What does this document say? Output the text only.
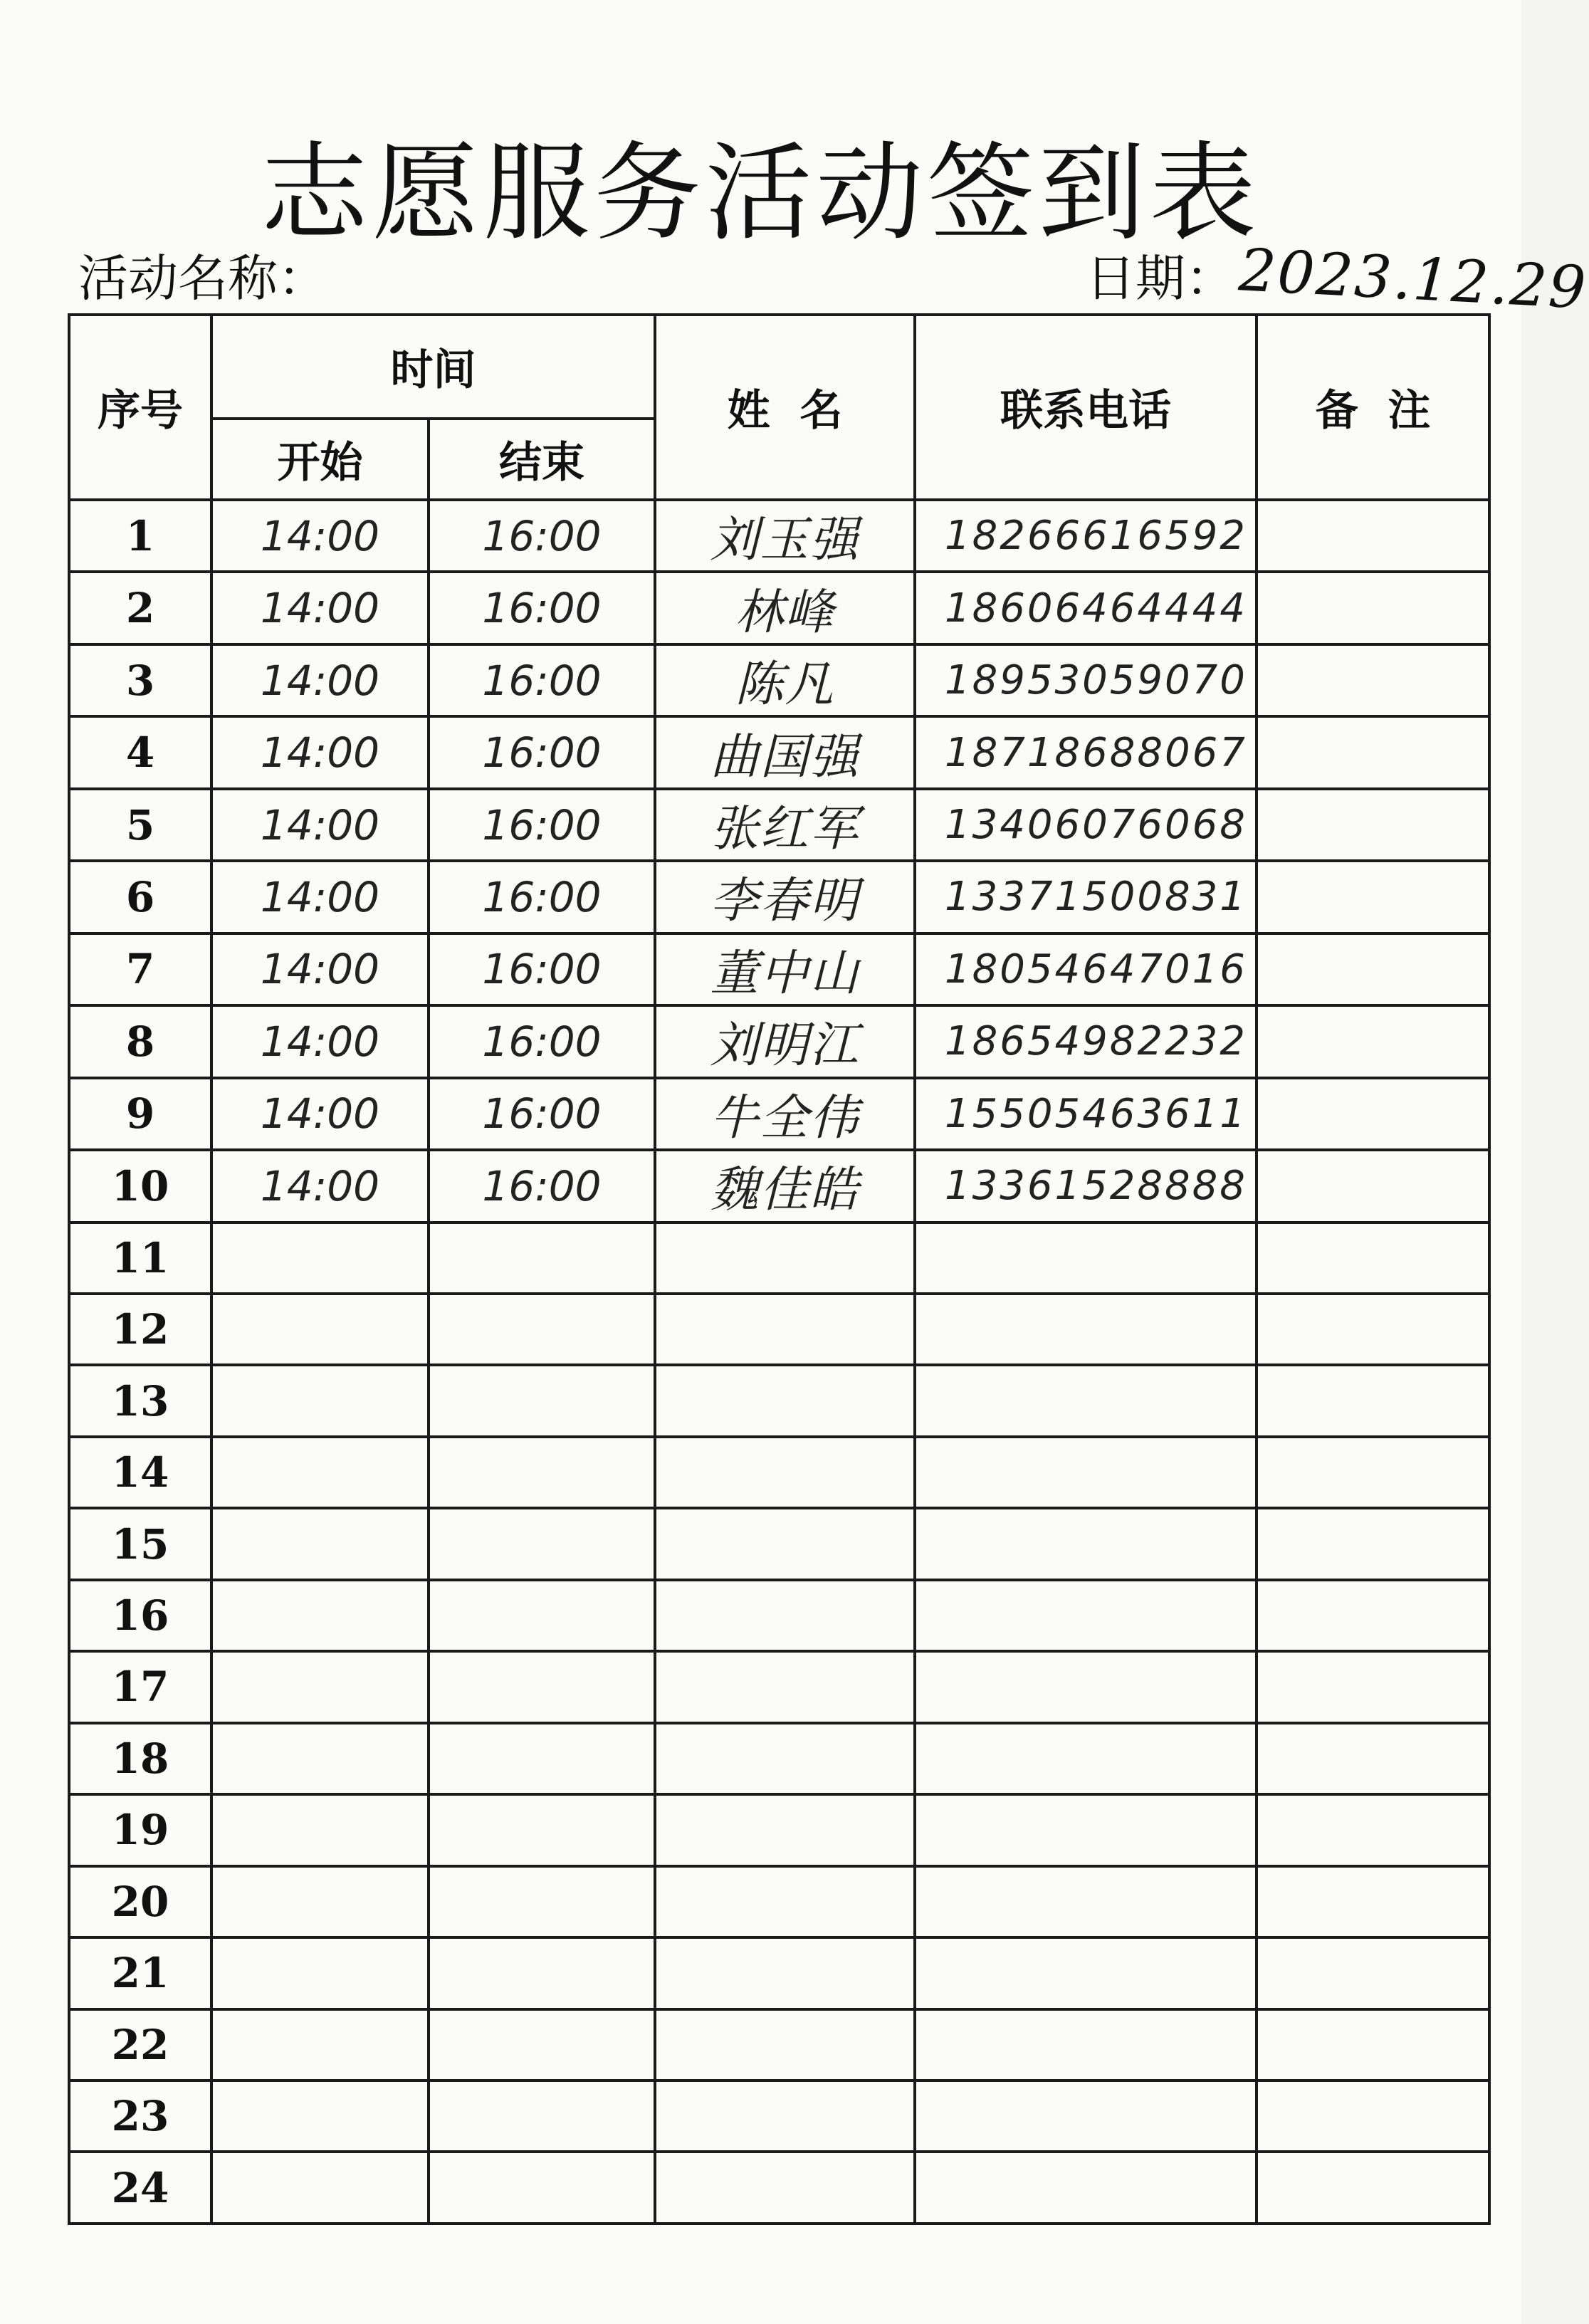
志愿服务活动签到表
活动名称：	日期： 2023.12.29
序号	时间		姓  名	联系电话	备  注
	开始	结束			
1	14:00	16:00	刘玉强	18266616592	
2	14:00	16:00	林峰	18606464444	
3	14:00	16:00	陈凡	18953059070	
4	14:00	16:00	曲国强	18718688067	
5	14:00	16:00	张红军	13406076068	
6	14:00	16:00	李春明	13371500831	
7	14:00	16:00	董中山	18054647016	
8	14:00	16:00	刘明江	18654982232	
9	14:00	16:00	牛全伟	15505463611	
10	14:00	16:00	魏佳皓	13361528888	
11					
12					
13					
14					
15					
16					
17					
18					
19					
20					
21					
22					
23					
24					
